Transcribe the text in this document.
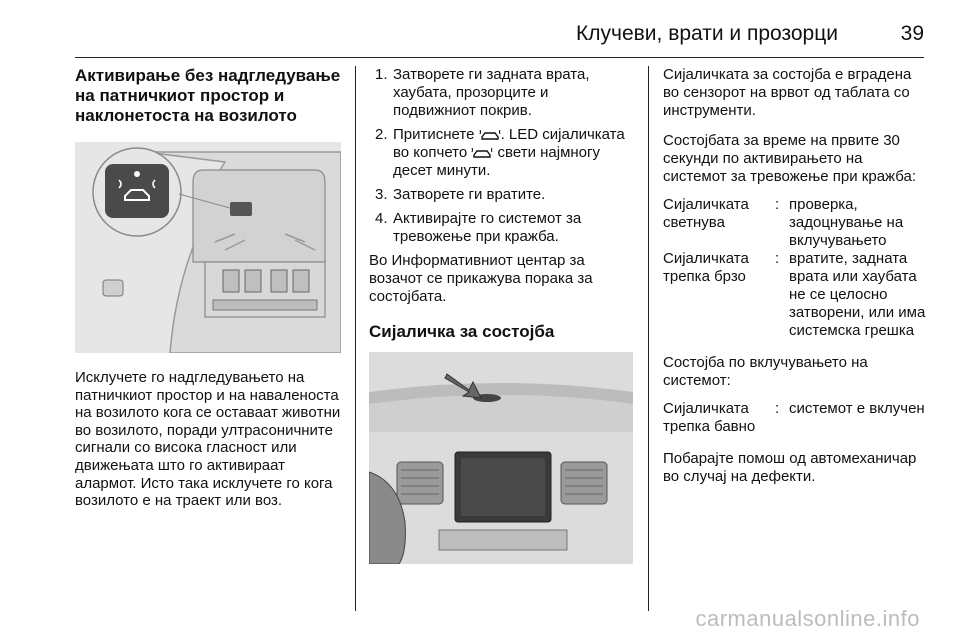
Клучеви, врати и прозорци	39
Активирање без надгледување на патничкиот простор и наклонетоста на возилото

Исклучете го надгледувањето на патничкиот простор и на навалeноста на возилото кога се оставаат живoтни во возилото, поради ултрасоничните сигнали со висока гласност или движењата што го активираат алармот. Исто така исклучете го кога возилото е на траект или воз.

1. Затворете ги задната врата, хаубата, прозорците и подвижниот покрив.
2. Притиснете . LED сијаличката во копчето  свети најмногу десет минути.
3. Затворете ги вратите.
4. Активирајте го системот за тревожење при кражба.

Во Информативниот центар за возачот се прикажува порака за состојбата.

Сијаличка за состојба

Сијаличката за состојба е вградена во сензорот на врвот од таблата со инструменти.

Состојбата за време на првите 30 секунди по активирањето на системот за тревожење при кражба:

Сијаличката светнува	:	проверка, задоцнување на вклучувањето
Сијаличката трепка брзо	:	вратите, задната врата или хаубата не се целосно затворени, или има системска грешка

Состојба по вклучувањето на системот:

Сијаличката трепка бавно	:	системот е вклучен

Побарајте помош од автомеханичар во случај на дефекти.

carmanualsonline.info
